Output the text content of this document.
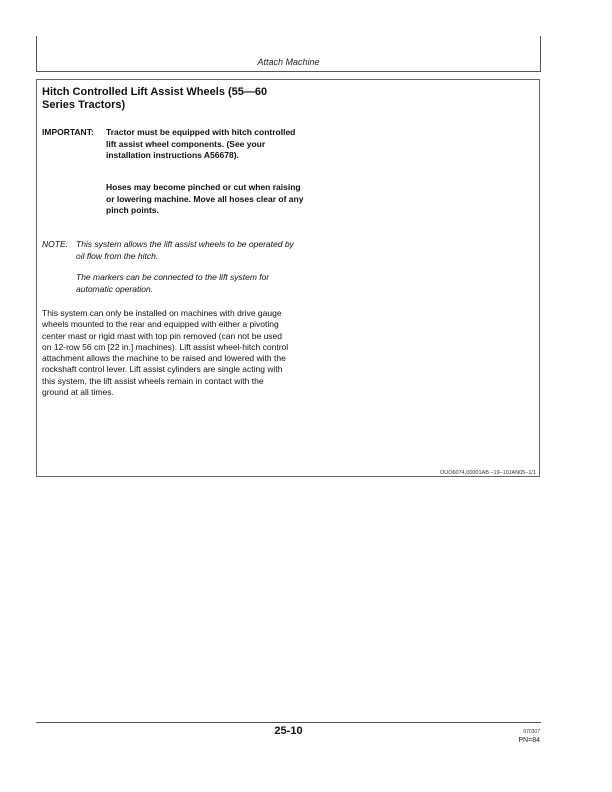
Attach Machine
Hitch Controlled Lift Assist Wheels (55—60 Series Tractors)
IMPORTANT: Tractor must be equipped with hitch controlled lift assist wheel components. (See your installation instructions A56678).
Hoses may become pinched or cut when raising or lowering machine. Move all hoses clear of any pinch points.
NOTE: This system allows the lift assist wheels to be operated by oil flow from the hitch.
The markers can be connected to the lift system for automatic operation.
This system can only be installed on machines with drive gauge wheels mounted to the rear and equipped with either a pivoting center mast or rigid mast with top pin removed (can not be used on 12-row 56 cm [22 in.] machines). Lift assist wheel-hitch control attachment allows the machine to be raised and lowered with the rockshaft control lever. Lift assist cylinders are single acting with this system, the lift assist wheels remain in contact with the ground at all times.
OUO6074,00001AB –19–10JAN05–1/1
25-10	070307
PN=84
